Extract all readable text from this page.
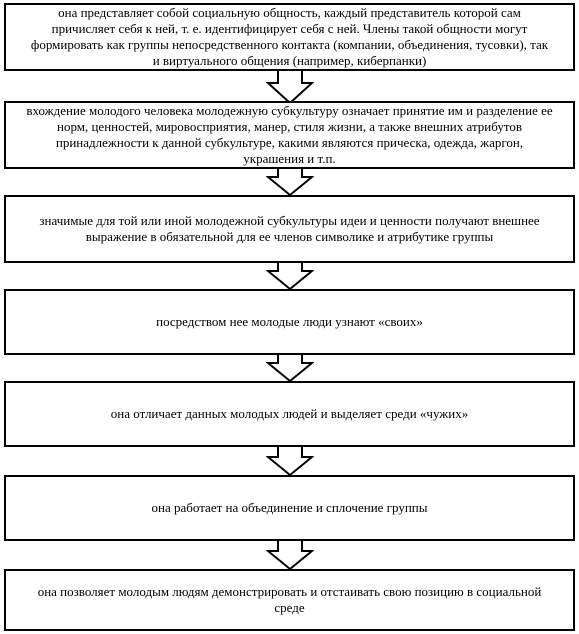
она представляет собой социальную общность, каждый представитель которой сам причисляет себя к ней, т. е. идентифицирует себя с ней. Члены такой общности могут формировать как группы непосредственного контакта (компании, объединения, тусовки), так и виртуального общения (например, киберпанки)
вхождение молодого человека молодежную субкультуру означает принятие им и разделение ее норм, ценностей, мировосприятия, манер, стиля жизни, а также внешних атрибутов принадлежности к данной субкультуре, какими являются прическа, одежда, жаргон, украшения и т.п.
значимые для той или иной молодежной субкультуры идеи и ценности получают внешнее выражение в обязательной для ее членов символике и атрибутике группы
посредством нее молодые люди узнают «своих»
она отличает данных молодых людей и выделяет среди «чужих»
она работает на объединение и сплочение группы
она позволяет молодым людям демонстрировать и отстаивать свою позицию в социальной среде
